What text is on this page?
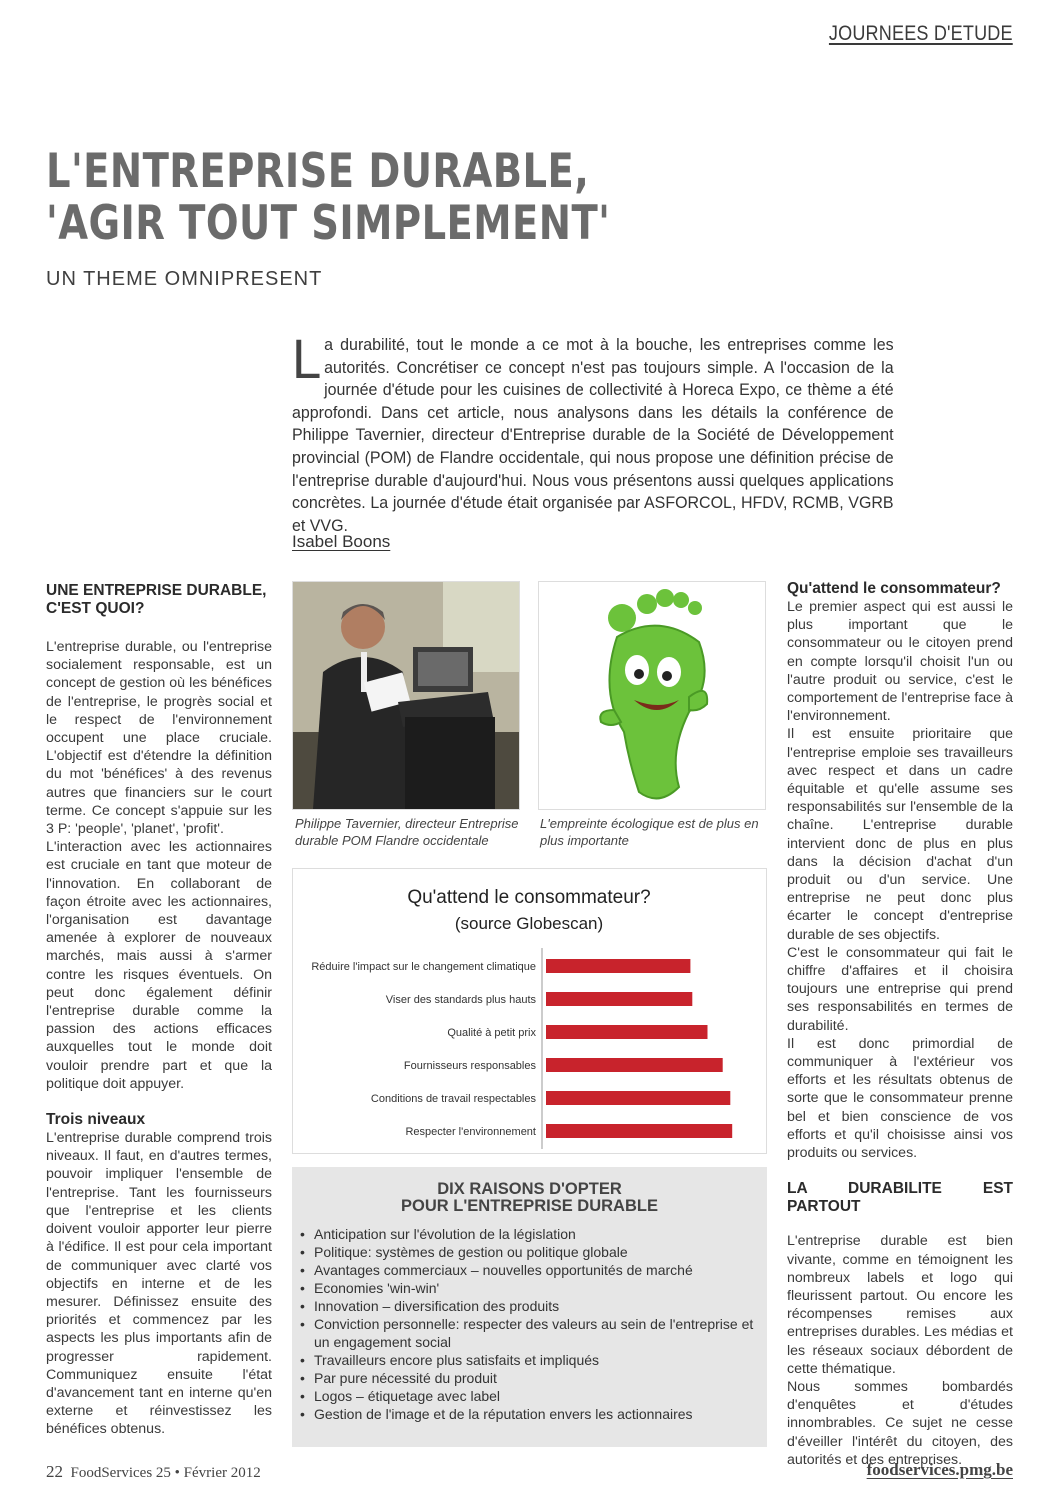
JOURNEES D'ETUDE
L'ENTREPRISE DURABLE,
'AGIR TOUT SIMPLEMENT'
UN THEME OMNIPRESENT
La durabilité, tout le monde a ce mot à la bouche, les entreprises comme les autorités. Concrétiser ce concept n'est pas toujours simple. A l'occasion de la journée d'étude pour les cuisines de collectivité à Horeca Expo, ce thème a été approfondi. Dans cet article, nous analysons dans les détails la conférence de Philippe Tavernier, directeur d'Entreprise durable de la Société de Développement provincial (POM) de Flandre occidentale, qui nous propose une définition précise de l'entreprise durable d'aujourd'hui. Nous vous présentons aussi quelques applications concrètes. La journée d'étude était organisée par ASFORCOL, HFDV, RCMB, VGRB et VVG.
Isabel Boons
UNE ENTREPRISE DURABLE,
C'EST QUOI?

L'entreprise durable, ou l'entreprise socialement responsable, est un concept de gestion où les bénéfices de l'entreprise, le progrès social et le respect de l'environnement occupent une place cruciale. L'objectif est d'étendre la définition du mot 'bénéfices' à des revenus autres que financiers sur le court terme. Ce concept s'appuie sur les 3 P: 'people', 'planet', 'profit'.

L'interaction avec les actionnaires est cruciale en tant que moteur de l'innovation. En collaborant de façon étroite avec les actionnaires, l'organisation est davantage amenée à explorer de nouveaux marchés, mais aussi à s'armer contre les risques éventuels. On peut donc également définir l'entreprise durable comme la passion des actions efficaces auxquelles tout le monde doit vouloir prendre part et que la politique doit appuyer.

Trois niveaux

L'entreprise durable comprend trois niveaux. Il faut, en d'autres termes, pouvoir impliquer l'ensemble de l'entreprise. Tant les fournisseurs que l'entreprise et les clients doivent vouloir apporter leur pierre à l'édifice. Il est pour cela important de communiquer avec clarté vos objectifs en interne et de les mesurer. Définissez ensuite des priorités et commencez par les aspects les plus importants afin de progresser rapidement. Communiquez ensuite l'état d'avancement tant en interne qu'en externe et réinvestissez les bénéfices obtenus.

Philippe Tavernier, directeur Entreprise durable POM Flandre occidentale
L'empreinte écologique est de plus en plus importante
Qu'attend le consommateur?
(source Globescan)
Réduire l'impact sur le changement climatique
Viser des standards plus hauts
Qualité à petit prix
Fournisseurs responsables
Conditions de travail respectables
Respecter l'environnement
DIX RAISONS D'OPTER
POUR L'ENTREPRISE DURABLE
• Anticipation sur l'évolution de la législation
• Politique: systèmes de gestion ou politique globale
• Avantages commerciaux – nouvelles opportunités de marché
• Economies 'win-win'
• Innovation – diversification des produits
• Conviction personnelle: respecter des valeurs au sein de l'entreprise et un engagement social
• Travailleurs encore plus satisfaits et impliqués
• Par pure nécessité du produit
• Logos – étiquetage avec label
• Gestion de l'image et de la réputation envers les actionnaires
Qu'attend le consommateur?

Le premier aspect qui est aussi le plus important que le consommateur ou le citoyen prend en compte lorsqu'il choisit l'un ou l'autre produit ou service, c'est le comportement de l'entreprise face à l'environnement.

Il est ensuite prioritaire que l'entreprise emploie ses travailleurs avec respect et dans un cadre équitable et qu'elle assume ses responsabilités sur l'ensemble de la chaîne. L'entreprise durable intervient donc de plus en plus dans la décision d'achat d'un produit ou d'un service. Une entreprise ne peut donc plus écarter le concept d'entreprise durable de ses objectifs.

C'est le consommateur qui fait le chiffre d'affaires et il choisira toujours une entreprise qui prend ses responsabilités en termes de durabilité.

Il est donc primordial de communiquer à l'extérieur vos efforts et les résultats obtenus de sorte que le consommateur prenne bel et bien conscience de vos efforts et qu'il choisisse ainsi vos produits ou services.

LA DURABILITE EST PARTOUT

L'entreprise durable est bien vivante, comme en témoignent les nombreux labels et logo qui fleurissent partout. Ou encore les récompenses remises aux entreprises durables. Les médias et les réseaux sociaux débordent de cette thématique.

Nous sommes bombardés d'enquêtes et d'études innombrables. Ce sujet ne cesse d'éveiller l'intérêt du citoyen, des autorités et des entreprises.

22 FoodServices 25 • Février 2012	foodservices.pmg.be
